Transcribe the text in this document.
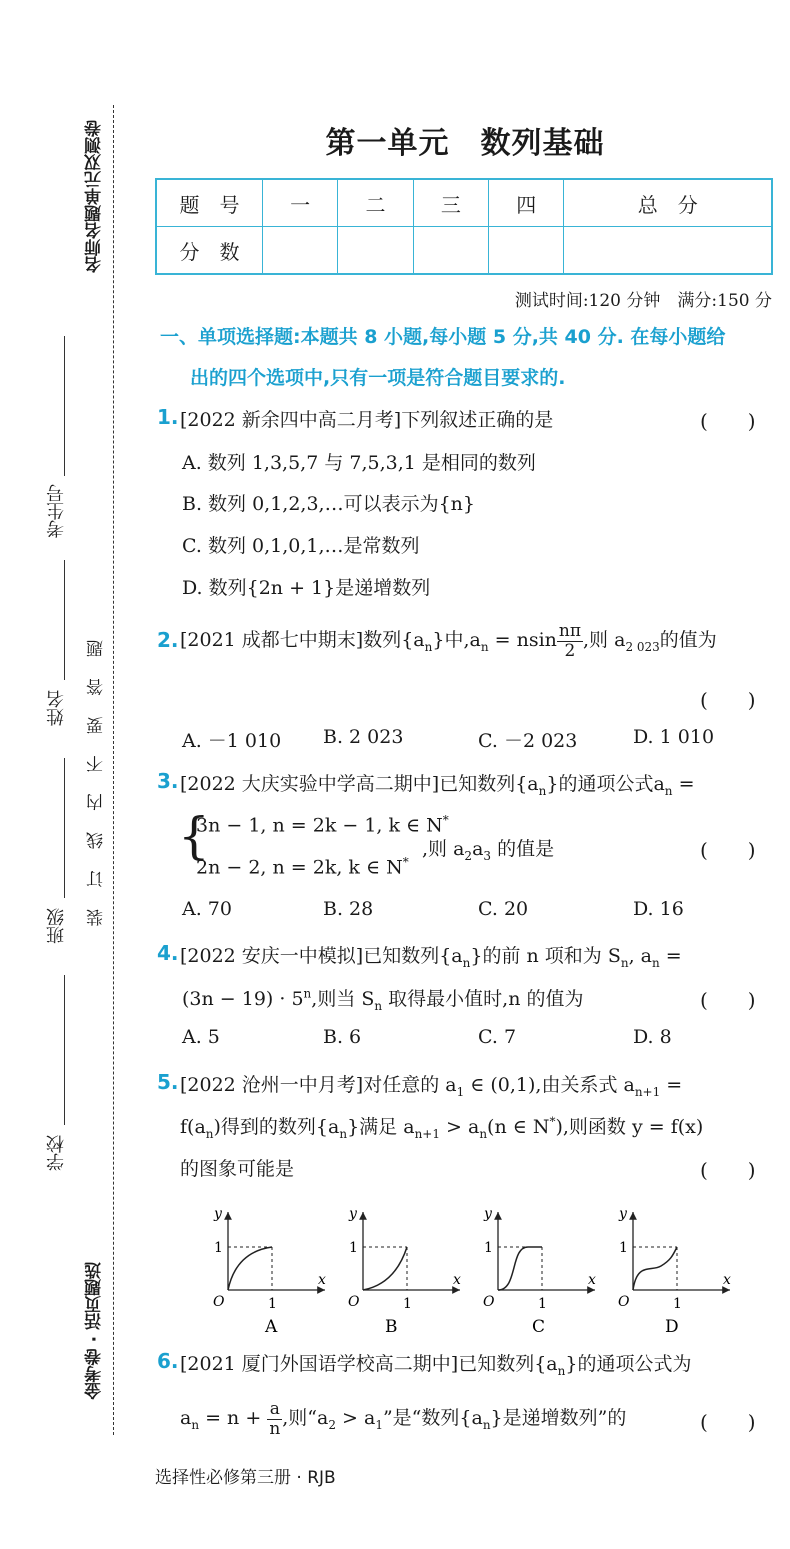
名师名题单元双测卷
金考卷 · 活页题选
考生号
姓名
班级
学校
装 订 线 内 不 要 答 题
第一单元　数列基础
题　号	一	二	三	四	总　分
分　数					
测试时间:120 分钟　满分:150 分
一、单项选择题:本题共 8 小题,每小题 5 分,共 40 分. 在每小题给
出的四个选项中,只有一项是符合题目要求的.
1. [2022 新余四中高二月考]下列叙述正确的是	(　　)
A. 数列 1,3,5,7 与 7,5,3,1 是相同的数列
B. 数列 0,1,2,3,…可以表示为{n}
C. 数列 0,1,0,1,…是常数列
D. 数列{2n + 1}是递增数列
2. [2021 成都七中期末]数列$\{a_n\}$中$,a_n = nsin \frac{n\pi}{2}$ ,则 $a_{2 023}$的值为
(　　)
A. －1 010 B. 2 023	C. －2 023	D. 1 010
3. [2022 大庆实验中学高二期中]已知数列$\{a_n\}$的通项公式$a_n$ =
{
3n − 1, n = 2k − 1, k ∈ N*
2n − 2, n = 2k, k ∈ N*
,则 $a_2a_3$ 的值是	(　　)
A. 70	B. 28	C. 20	D. 16
4. [2022 安庆一中模拟]已知数列$\{a_n\}$的前 n 项和为 $S_n$, $a_n$ =
$(3n - 19) \cdot 5^n$,则当 $S_n$ 取得最小值时,n 的值为	(　　)
A. 5	B. 6	C. 7	D. 8
5. [2022 沧州一中月考]对任意的 $a_1$ ∈ (0,1),由关系式 $a_{n+1}$ =
$f(a_n)$得到的数列$\{a_n\}$满足 $a_{n+1} > a_n(n$ ∈ N*),则函数 y = f(x)
的图象可能是	(　　)
y
x
O
1
1
A
y
x
O
1
1
B
y
x
O
1
1
C
y
x
O
1
1
D
6. [2021 厦门外国语学校高二期中]已知数列$\{a_n\}$的通项公式为
$a_n = n + \frac{a}{n}$ ,则“$a_2 > a_1$”是“数列$\{a_n\}$是递增数列”的	(　　)
选择性必修第三册 · RJB
